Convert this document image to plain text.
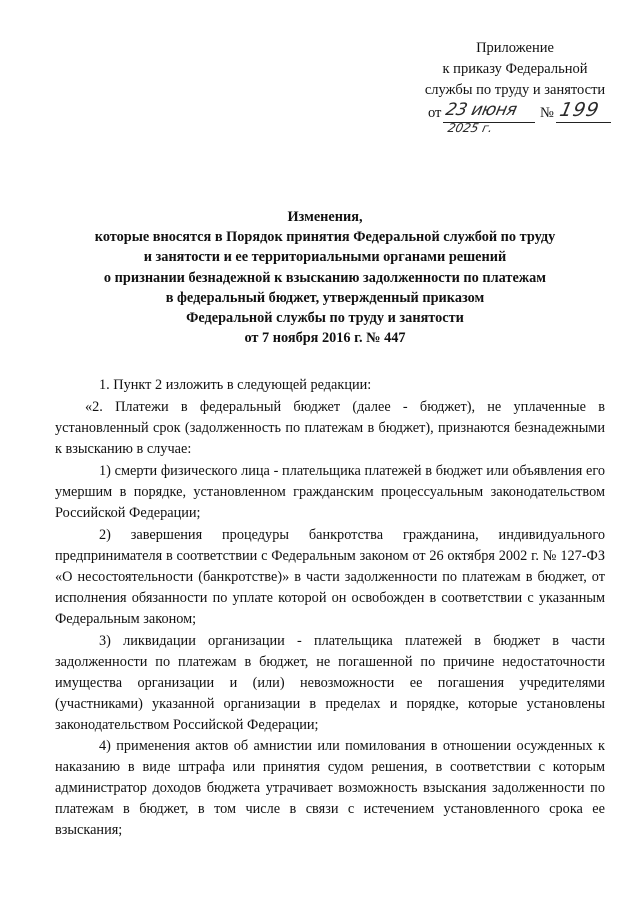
Приложение
к приказу Федеральной
службы по труду и занятости
от 23 июня № 199
2025 г.
Изменения,
которые вносятся в Порядок принятия Федеральной службой по труду
и занятости и ее территориальными органами решений
о признании безнадежной к взысканию задолженности по платежам
в федеральный бюджет, утвержденный приказом
Федеральной службы по труду и занятости
от 7 ноября 2016 г. № 447

1. Пункт 2 изложить в следующей редакции:

«2. Платежи в федеральный бюджет (далее - бюджет), не уплаченные в установленный срок (задолженность по платежам в бюджет), признаются безнадежными к взысканию в случае:

1) смерти физического лица - плательщика платежей в бюджет или объявления его умершим в порядке, установленном гражданским процессуальным законодательством Российской Федерации;

2) завершения процедуры банкротства гражданина, индивидуального предпринимателя в соответствии с Федеральным законом от 26 октября 2002 г. № 127-ФЗ «О несостоятельности (банкротстве)» в части задолженности по платежам в бюджет, от исполнения обязанности по уплате которой он освобожден в соответствии с указанным Федеральным законом;

3) ликвидации организации - плательщика платежей в бюджет в части задолженности по платежам в бюджет, не погашенной по причине недостаточности имущества организации и (или) невозможности ее погашения учредителями (участниками) указанной организации в пределах и порядке, которые установлены законодательством Российской Федерации;

4) применения актов об амнистии или помилования в отношении осужденных к наказанию в виде штрафа или принятия судом решения, в соответствии с которым администратор доходов бюджета утрачивает возможность взыскания задолженности по платежам в бюджет, в том числе в связи с истечением установленного срока ее взыскания;
